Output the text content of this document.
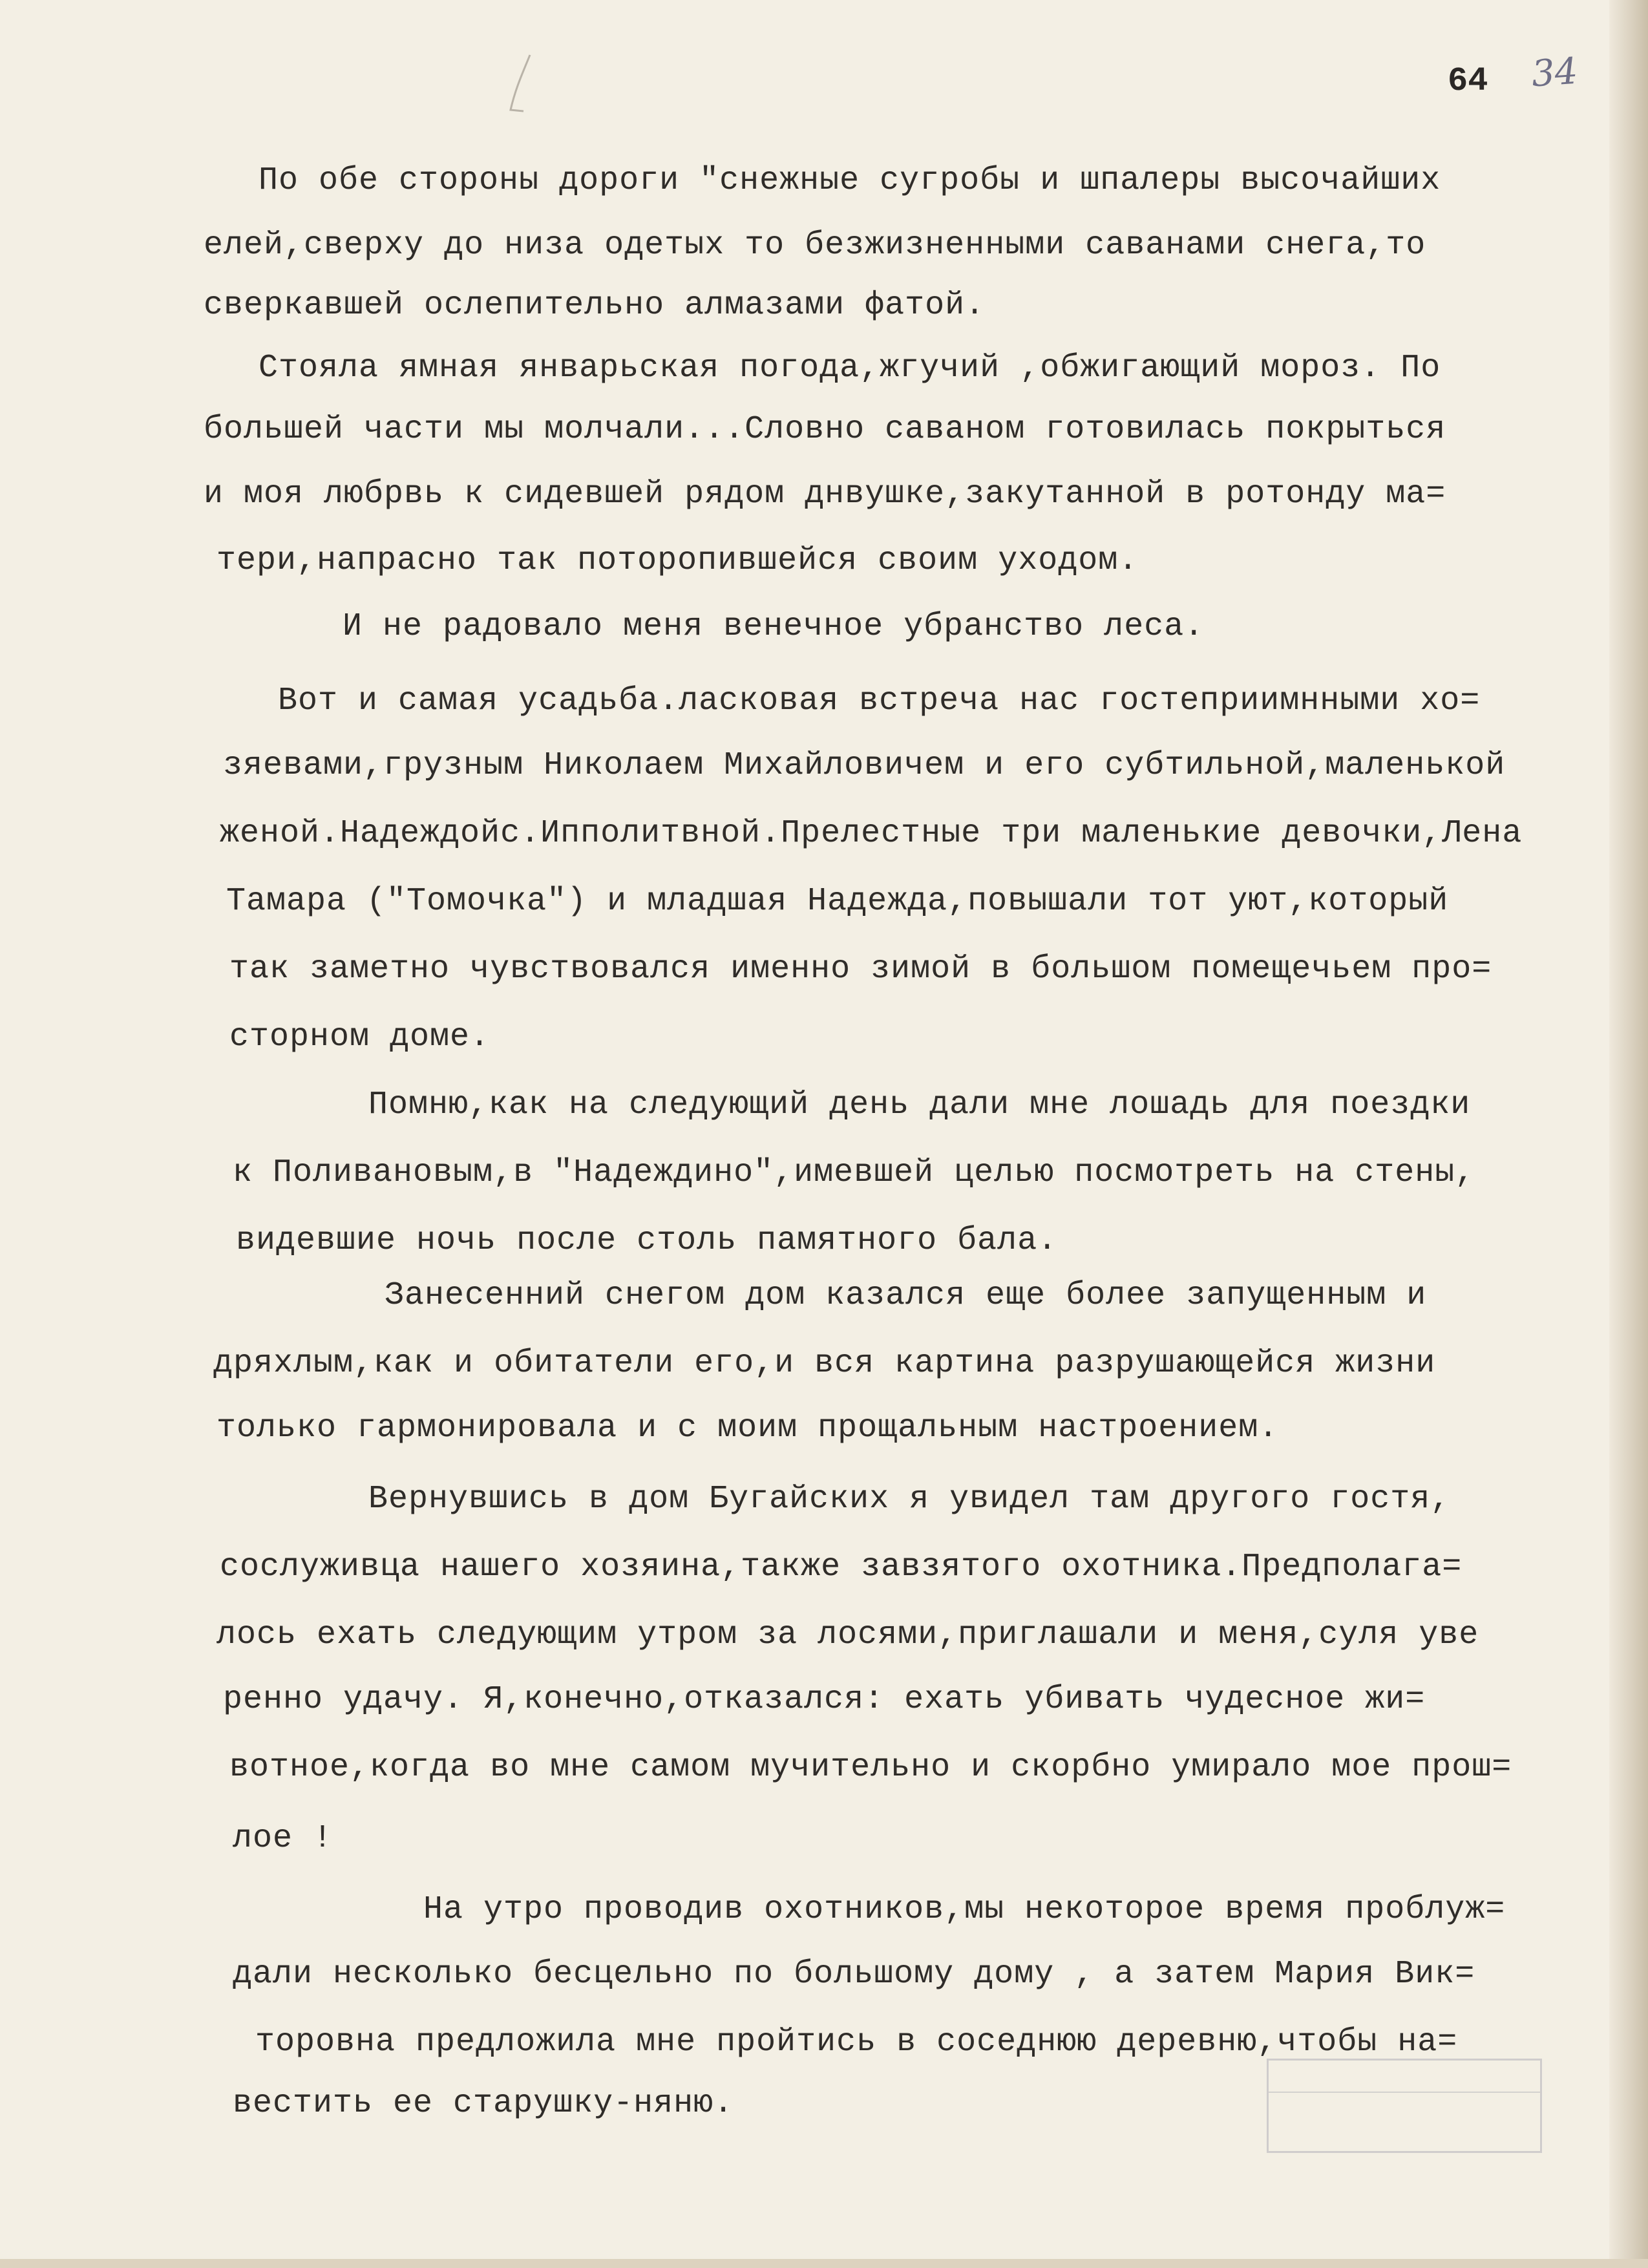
64 34
По обе стороны дороги "снежные сугробы и шпалеры высочайших
елей,сверху до низа одетых то безжизненными саванами снега,то
сверкавшей ослепительно алмазами фатой.
Стояла ямная январьская погода,жгучий ,обжигающий мороз. По
большей части мы молчали...Словно саваном готовилась покрыться
и моя любрвь к сидевшей рядом днвушке,закутанной в ротонду ма=
тери,напрасно так поторопившейся своим уходом.
И не радовало меня венечное убранство леса.
Вот и самая усадьба.ласковая встреча нас гостеприимнными хо=
зяевами,грузным Николаем Михайловичем и его субтильной,маленькой
женой.Надеждойс.Ипполитвной.Прелестные три маленькие девочки,Лена
Тамара ("Томочка") и младшая Надежда,повышали тот уют,который
так заметно чувствовался именно зимой в большом помещечьем про=
сторном доме.
Помню,как на следующий день дали мне лошадь для поездки
к Поливановым,в "Надеждино",имевшей целью посмотреть на стены,
видевшие ночь после столь памятного бала.
Занесенний снегом дом казался еще более запущенным и
дряхлым,как и обитатели его,и вся картина разрушающейся жизни
только гармонировала и с моим прощальным настроением.
Вернувшись в дом Бугайских я увидел там другого гостя,
сослуживца нашего хозяина,также завзятого охотника.Предполага=
лось ехать следующим утром за лосями,приглашали и меня,суля уве
ренно удачу. Я,конечно,отказался: ехать убивать чудесное жи=
вотное,когда во мне самом мучительно и скорбно умирало мое прош=
лое !
На утро проводив охотников,мы некоторое время проблуж=
дали несколько бесцельно по большому дому , а затем Мария Вик=
торовна предложила мне пройтись в соседнюю деревню,чтобы на=
вестить ее старушку-няню.
